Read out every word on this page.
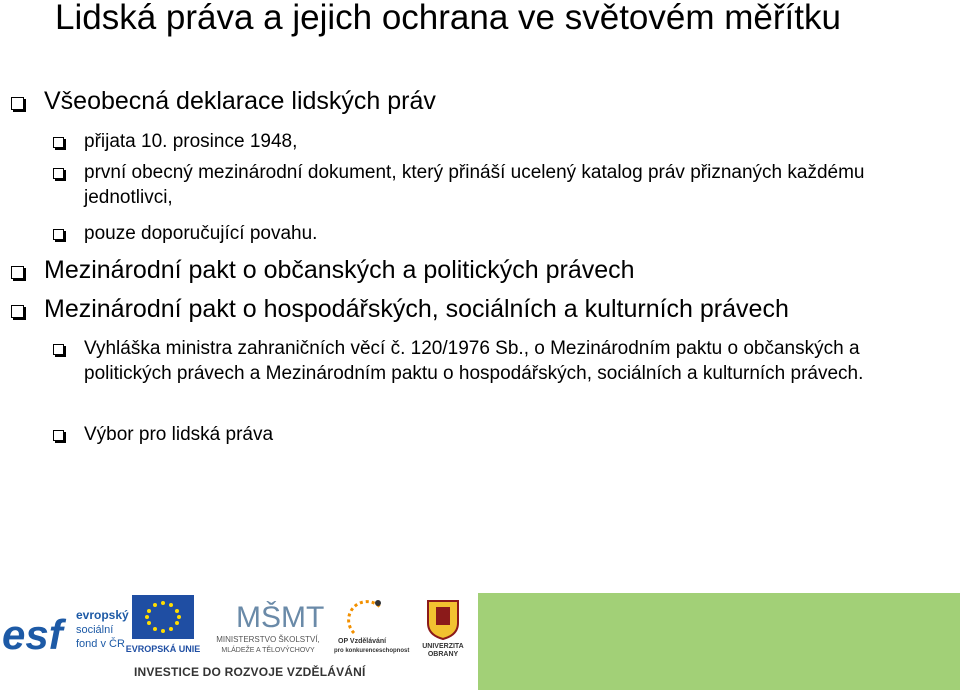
Lidská práva a jejich ochrana ve světovém měřítku

Všeobecná deklarace lidských práv

přijata 10. prosince 1948,

první obecný mezinárodní dokument, který přináší ucelený katalog práv přiznaných každému jednotlivci,

pouze doporučující povahu.

Mezinárodní pakt o občanských a politických právech

Mezinárodní pakt o hospodářských, sociálních a kulturních právech

Vyhláška ministra zahraničních věcí č. 120/1976 Sb., o Mezinárodním paktu o občanských a politických právech a Mezinárodním paktu o hospodářských, sociálních a kulturních právech.

Výbor pro lidská práva

esf	evropský
sociální
fond v ČR EVROPSKÁ UNIE
MŠMT
MINISTERSTVO ŠKOLSTVÍ,
MLÁDEŽE A TĚLOVÝCHOVY
OP Vzdělávání
pro konkurenceschopnost
UNIVERZITA
OBRANY
INVESTICE DO ROZVOJE VZDĚLÁVÁNÍ
